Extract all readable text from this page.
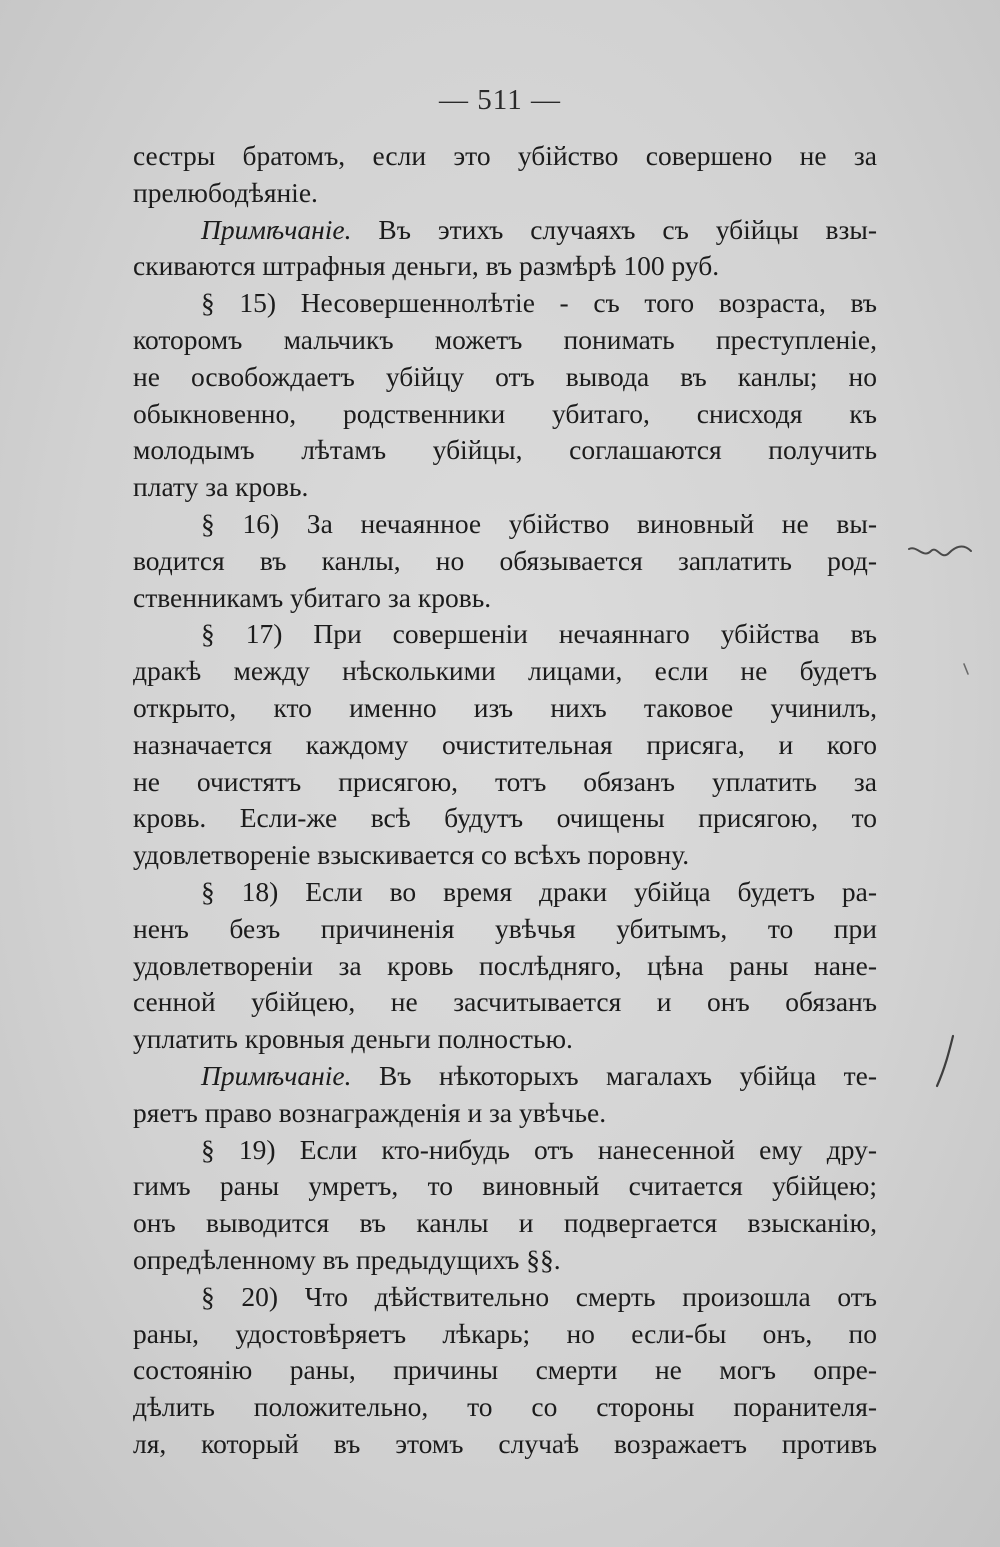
— 511 —
сестры братомъ, если это убійство совершено не за
прелюбодѣяніе.
Примѣчаніе. Въ этихъ случаяхъ съ убійцы взы-
скиваются штрафныя деньги, въ размѣрѣ 100 руб.
§ 15) Несовершеннолѣтіе - съ того возраста, въ
которомъ мальчикъ можетъ понимать преступленіе,
не освобождаетъ убійцу отъ вывода въ канлы; но
обыкновенно, родственники убитаго, снисходя къ
молодымъ лѣтамъ убійцы, соглашаются получить
плату за кровь.
§ 16) За нечаянное убійство виновный не вы-
водится въ канлы, но обязывается заплатить род-
ственникамъ убитаго за кровь.
§ 17) При совершеніи нечаяннаго убійства въ
дракѣ между нѣсколькими лицами, если не будетъ
открыто, кто именно изъ нихъ таковое учинилъ,
назначается каждому очистительная присяга, и кого
не очистятъ присягою, тотъ обязанъ уплатить за
кровь. Если-же всѣ будутъ очищены присягою, то
удовлетвореніе взыскивается со всѣхъ поровну.
§ 18) Если во время драки убійца будетъ ра-
ненъ безъ причиненія увѣчья убитымъ, то при
удовлетвореніи за кровь послѣдняго, цѣна раны нане-
сенной убійцею, не засчитывается и онъ обязанъ
уплатить кровныя деньги полностью.
Примѣчаніе. Въ нѣкоторыхъ магалахъ убійца те-
ряетъ право вознагражденія и за увѣчье.
§ 19) Если кто-нибудь отъ нанесенной ему дру-
гимъ раны умретъ, то виновный считается убійцею;
онъ выводится въ канлы и подвергается взысканію,
опредѣленному въ предыдущихъ §§.
§ 20) Что дѣйствительно смерть произошла отъ
раны, удостовѣряетъ лѣкарь; но если-бы онъ, по
состоянію раны, причины смерти не могъ опре-
дѣлить положительно, то со стороны поранителя-
ля, который въ этомъ случаѣ возражаетъ противъ
